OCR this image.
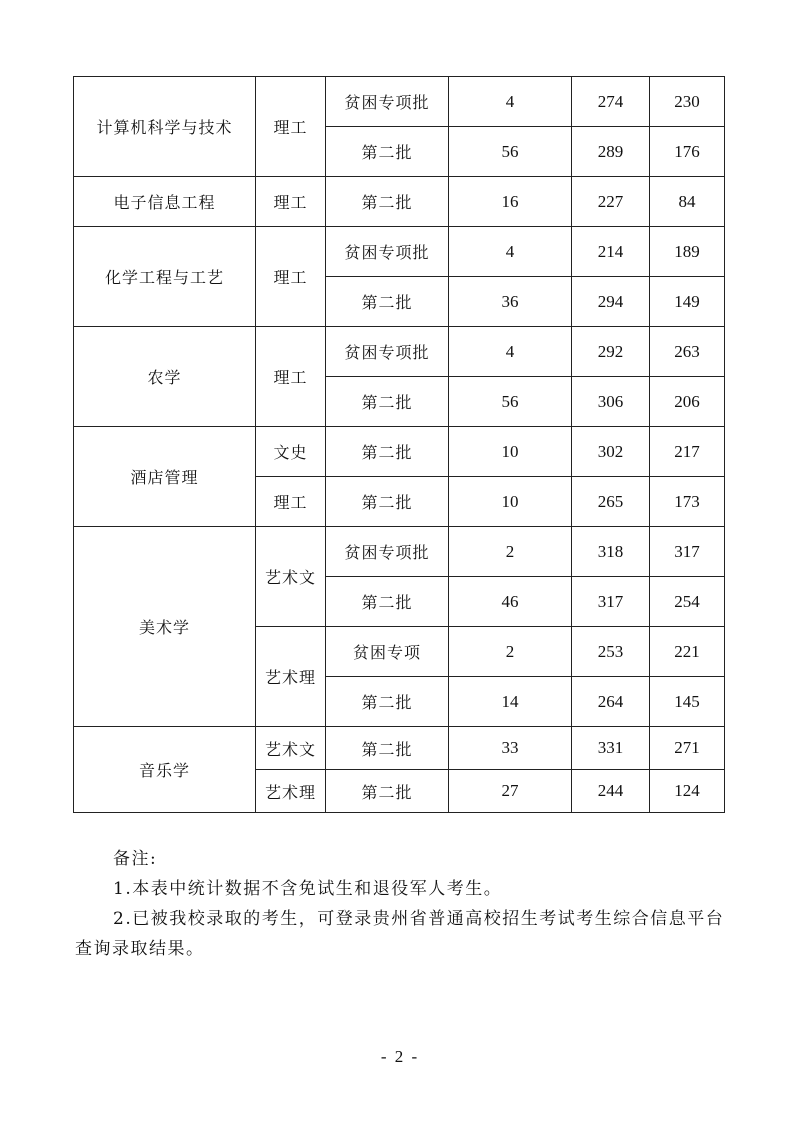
计算机科学与技术	理工	贫困专项批	4	274	230
		第二批	56	289	176
电子信息工程	理工	第二批	16	227	84
化学工程与工艺	理工	贫困专项批	4	214	189
		第二批	36	294	149
农学	理工	贫困专项批	4	292	263
		第二批	56	306	206
酒店管理	文史	第二批	10	302	217
	理工	第二批	10	265	173
美术学	艺术文	贫困专项批	2	318	317
		第二批	46	317	254
	艺术理	贫困专项	2	253	221
		第二批	14	264	145
音乐学	艺术文	第二批	33	331	271
	艺术理	第二批	27	244	124

备注:

1.本表中统计数据不含免试生和退役军人考生。

2.已被我校录取的考生，可登录贵州省普通高校招生考试考生综合信息平台查询录取结果。

- 2 -
